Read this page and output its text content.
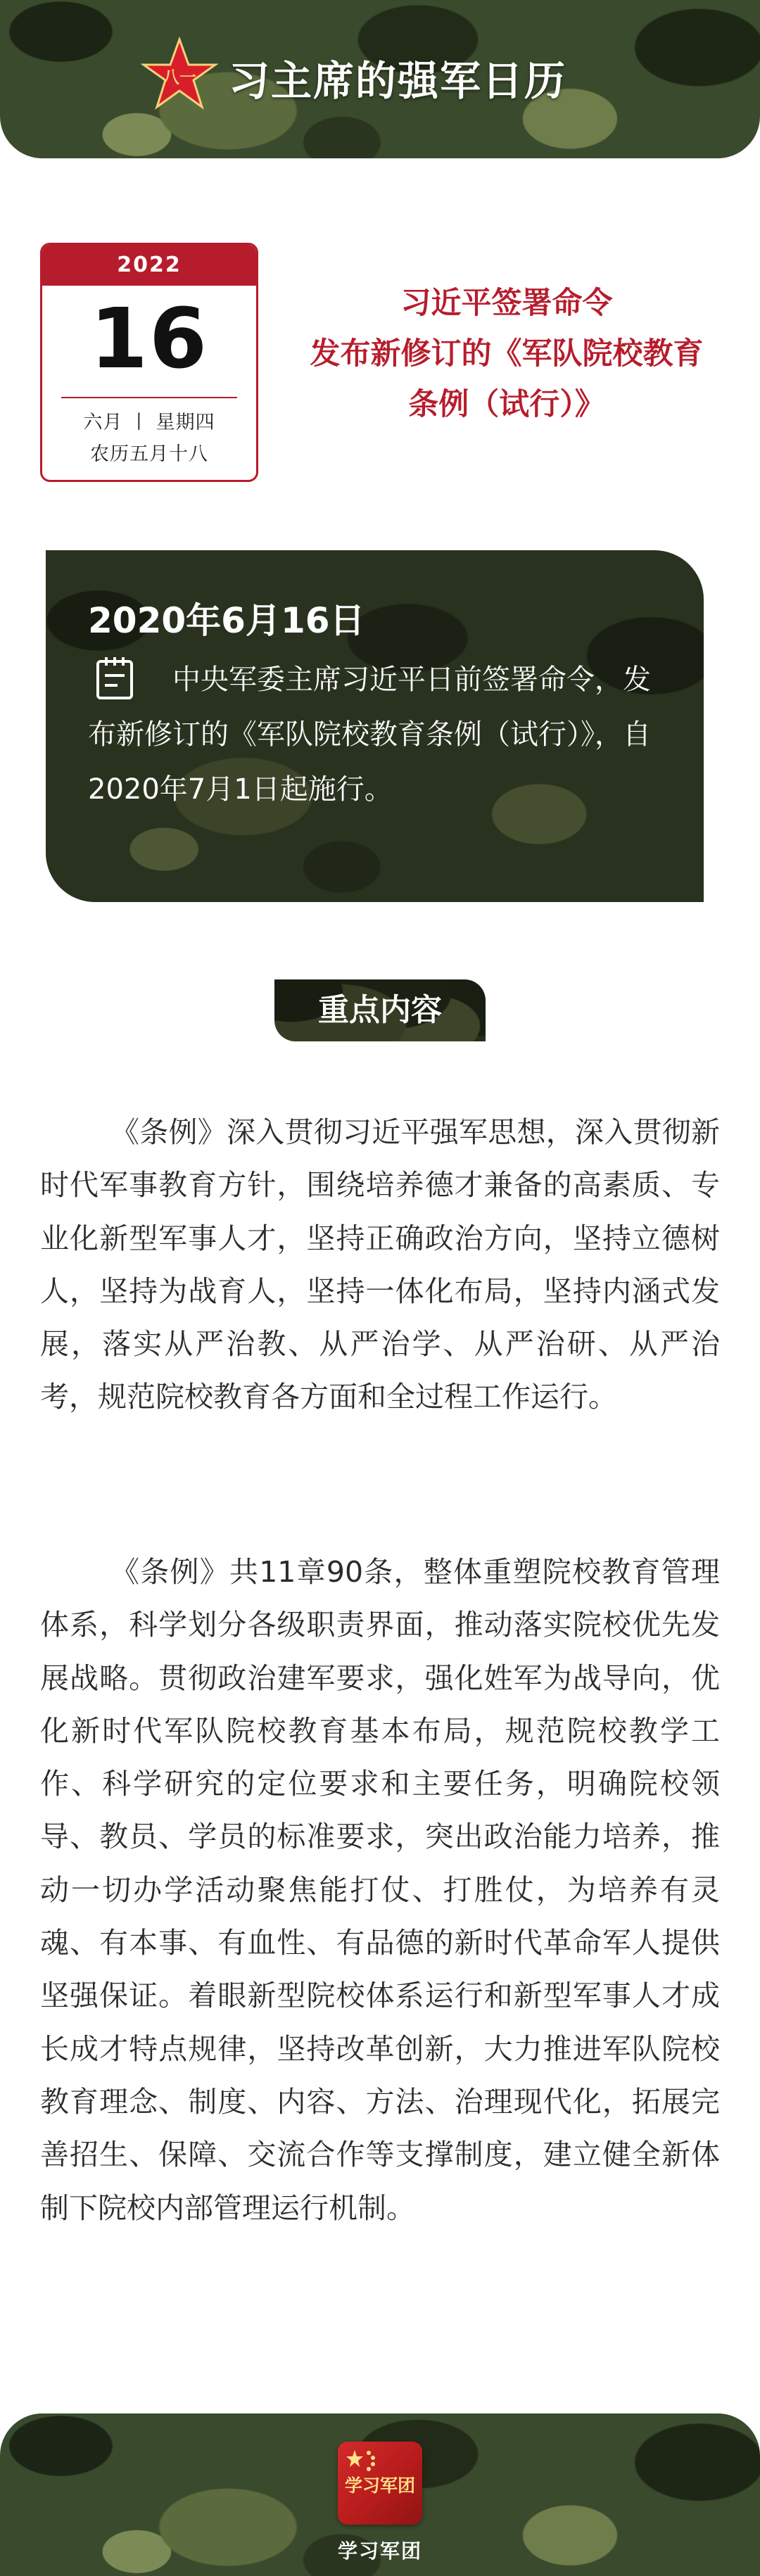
八一 习主席的强军日历
2022
16
六月 丨 星期四
农历五月十八
习近平签署命令
发布新修订的《军队院校教育
条例（试行）》
2020年6月16日
中央军委主席习近平日前签署命令，发布新修订的《军队院校教育条例（试行）》，自2020年7月1日起施行。
重点内容
《条例》深入贯彻习近平强军思想，深入贯彻新时代军事教育方针，围绕培养德才兼备的高素质、专业化新型军事人才，坚持正确政治方向，坚持立德树人，坚持为战育人，坚持一体化布局，坚持内涵式发展，落实从严治教、从严治学、从严治研、从严治考，规范院校教育各方面和全过程工作运行。
《条例》共11章90条，整体重塑院校教育管理体系，科学划分各级职责界面，推动落实院校优先发展战略。贯彻政治建军要求，强化姓军为战导向，优化新时代军队院校教育基本布局，规范院校教学工作、科学研究的定位要求和主要任务，明确院校领导、教员、学员的标准要求，突出政治能力培养，推动一切办学活动聚焦能打仗、打胜仗，为培养有灵魂、有本事、有血性、有品德的新时代革命军人提供坚强保证。着眼新型院校体系运行和新型军事人才成长成才特点规律，坚持改革创新，大力推进军队院校教育理念、制度、内容、方法、治理现代化，拓展完善招生、保障、交流合作等支撑制度，建立健全新体制下院校内部管理运行机制。
学习军团
学习军团
